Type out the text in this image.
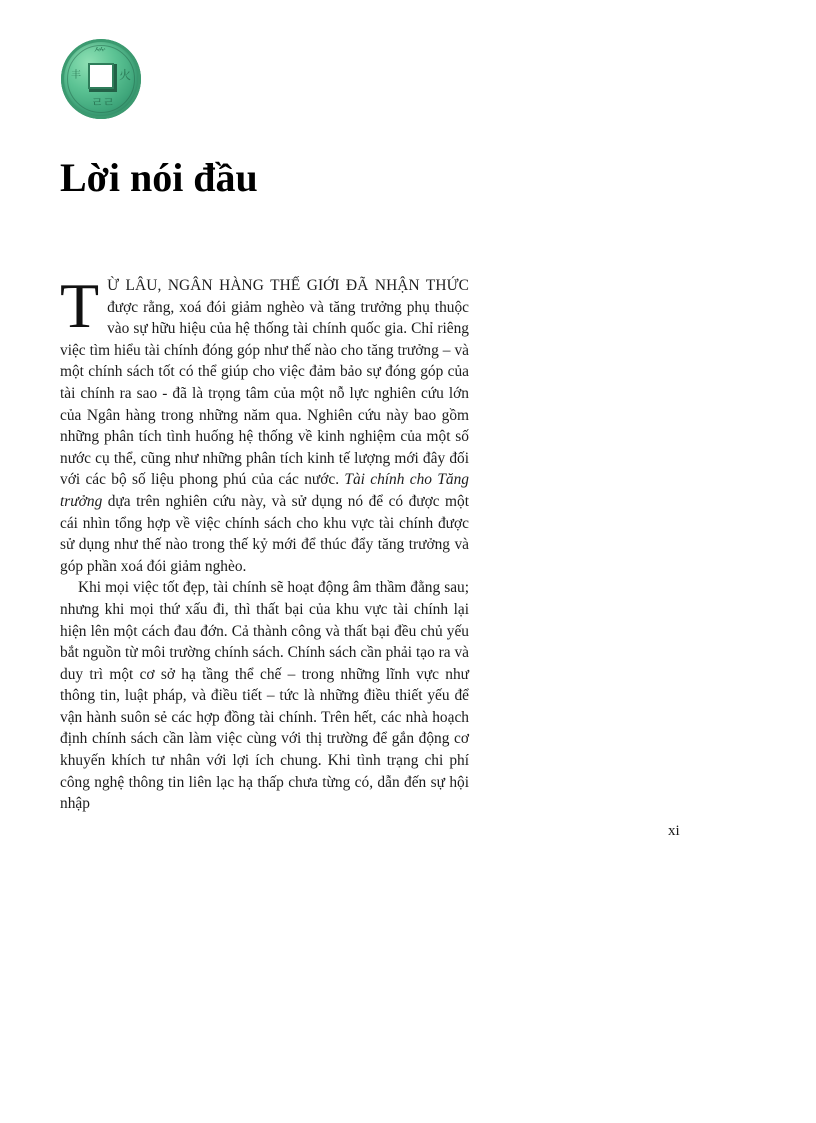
⺮
丰	⽕
ㄹㄹ
Lời nói đầu

T Ừ LÂU, NGÂN HÀNG THẾ GIỚI ĐÃ NHẬN THỨC được rằng, xoá đói giảm nghèo và tăng trưởng phụ thuộc vào sự hữu hiệu của hệ thống tài chính quốc gia. Chỉ riêng việc tìm hiểu tài chính đóng góp như thế nào cho tăng trưởng – và một chính sách tốt có thể giúp cho việc đảm bảo sự đóng góp của tài chính ra sao - đã là trọng tâm của một nỗ lực nghiên cứu lớn của Ngân hàng trong những năm qua. Nghiên cứu này bao gồm những phân tích tình huống hệ thống về kinh nghiệm của một số nước cụ thể, cũng như những phân tích kinh tế lượng mới đây đối với các bộ số liệu phong phú của các nước. Tài chính cho Tăng trưởng dựa trên nghiên cứu này, và sử dụng nó để có được một cái nhìn tổng hợp về việc chính sách cho khu vực tài chính được sử dụng như thế nào trong thế kỷ mới để thúc đẩy tăng trưởng và góp phần xoá đói giảm nghèo.

Khi mọi việc tốt đẹp, tài chính sẽ hoạt động âm thầm đằng sau; nhưng khi mọi thứ xấu đi, thì thất bại của khu vực tài chính lại hiện lên một cách đau đớn. Cả thành công và thất bại đều chủ yếu bắt nguồn từ môi trường chính sách. Chính sách cần phải tạo ra và duy trì một cơ sở hạ tầng thể chế – trong những lĩnh vực như thông tin, luật pháp, và điều tiết – tức là những điều thiết yếu để vận hành suôn sẻ các hợp đồng tài chính. Trên hết, các nhà hoạch định chính sách cần làm việc cùng với thị trường để gắn động cơ khuyến khích tư nhân với lợi ích chung. Khi tình trạng chi phí công nghệ thông tin liên lạc hạ thấp chưa từng có, dẫn đến sự hội nhập

xi
